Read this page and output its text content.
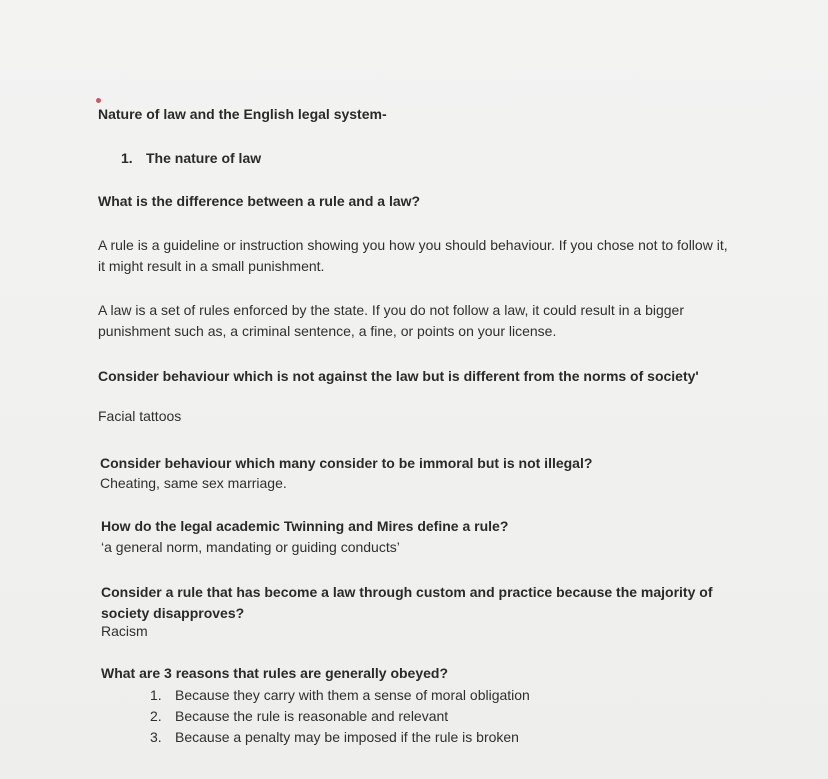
Nature of law and the English legal system-
1. The nature of law
What is the difference between a rule and a law?
A rule is a guideline or instruction showing you how you should behaviour. If you chose not to follow it, it might result in a small punishment.
A law is a set of rules enforced by the state. If you do not follow a law, it could result in a bigger punishment such as, a criminal sentence, a fine, or points on your license.
Consider behaviour which is not against the law but is different from the norms of society'
Facial tattoos
Consider behaviour which many consider to be immoral but is not illegal?
Cheating, same sex marriage.
How do the legal academic Twinning and Mires define a rule?
‘a general norm, mandating or guiding conducts’
Consider a rule that has become a law through custom and practice because the majority of society disapproves?
Racism
What are 3 reasons that rules are generally obeyed?
1. Because they carry with them a sense of moral obligation
2. Because the rule is reasonable and relevant
3. Because a penalty may be imposed if the rule is broken
